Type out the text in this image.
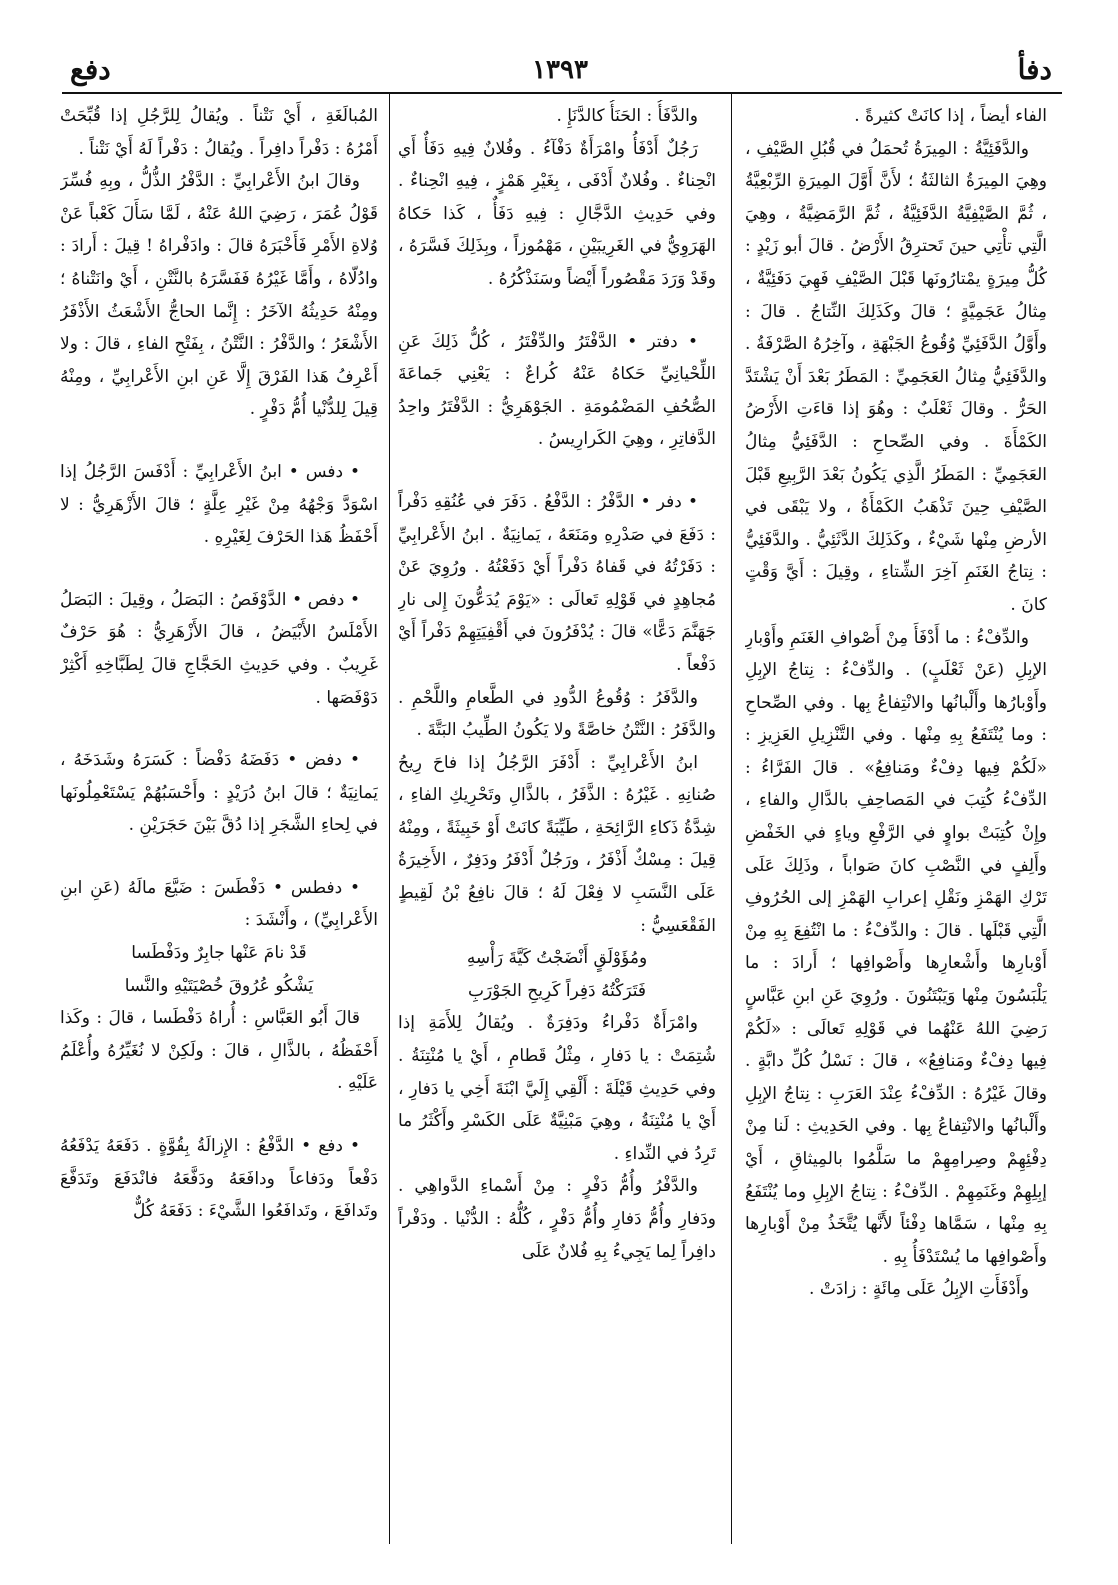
١٣٩٣	دفأ
دفع

الفاء أيضاً ، إذا كانَتْ كثيرةً .

والدَّفَئِيَّةُ : المِيرَةُ تُحمَلُ في قُبُلِ الصَّيْفِ ، وهِيَ المِيرَةُ الثالثَةُ ؛ لأَنَّ أَوَّلَ المِيرَةِ الرِّبْعِيَّةُ ، ثُمَّ الصَّيْفِيَّةُ الدَّفَئِيَّةُ ، ثُمَّ الرَّمَضِيَّةُ ، وهِيَ الَّتِي تأْتِي حينَ تَحترِقُ الأَرْضُ . قالَ أبو زَيْدٍ : كُلُّ مِيرَةٍ يمْتارُونَها قَبْلَ الصَّيْفِ فَهِيَ دَفَئِيَّةٌ ، مِثالُ عَجَمِيَّةٍ ؛ قالَ وكَذَلِكَ النِّتاجُ . قالَ : وأَوَّلُ الدَّفَئِيِّ وُقُوعُ الجَبْهَةِ ، وآخِرُهُ الصَّرْفَةُ . والدَّفَئِيُّ مِثالُ العَجَمِيِّ : المَطَرُ بَعْدَ أَنْ يَشْتَدَّ الحَرُّ . وقالَ ثَعْلَبٌ : وهُوَ إذا قاءَتِ الأَرْضُ الكَمْأَةَ . وفي الصِّحاحِ : الدَّفَئِيُّ مِثالُ العَجَمِيِّ : المَطَرُ الَّذِي يَكُونُ بَعْدَ الرَّبِيعِ قَبْلَ الصَّيْفِ حِينَ تَذْهَبُ الكَمْأَةُ ، ولا يَبْقَى في الأرضِ مِنْها شَيْءٌ ، وكَذَلِكَ الدَّثَئِيُّ . والدَّفَئِيُّ : نِتاجُ الغَنَمِ آخِرَ الشِّتاءِ ، وقِيلَ : أَيَّ وَقْتٍ كانَ .

والدِّفْءُ : ما أَدْفَأَ مِنْ أَصْوافِ الغَنَمِ وأَوْبارِ الإبِلِ (عَنْ ثَعْلَبٍ) . والدِّفْءُ : نِتاجُ الإبِلِ وأَوْبارُها وأَلْبانُها والانْتِفاعُ بِها . وفي الصِّحاحِ : وما يُنْتَفَعُ بِهِ مِنْها . وفي التَّنْزِيلِ العَزِيزِ : «لَكُمْ فِيها دِفْءٌ ومَنافِعُ» . قالَ الفَرَّاءُ : الدِّفْءُ كُتِبَ في المَصاحِفِ بالدَّالِ والفاءِ ، وإِنْ كُتِبَتْ بواوٍ في الرَّفْعِ وياءٍ في الخَفْضِ وأَلِفٍ في النَّصْبِ كانَ صَواباً ، وذَلِكَ عَلَى تَرْكِ الهَمْزِ ونَقْلِ إعرابِ الهَمْزِ إلى الحُرُوفِ الَّتِي قَبْلَها . قالَ : والدِّفْءُ : ما انْتُفِعَ بِهِ مِنْ أَوْبارِها وأَشْعارِها وأَصْوافِها ؛ أَرادَ : ما يَلْبَسُونَ مِنْها وَيَبْتَنُونَ . ورُوِيَ عَنِ ابنِ عَبَّاسٍ رَضِيَ اللهُ عَنْهُما في قَوْلِهِ تَعالَى : «لَكُمْ فِيها دِفْءٌ ومَنافِعُ» ، قالَ : نَسْلُ كُلِّ دابَّةٍ . وقالَ غَيْرُهُ : الدِّفْءُ عِنْدَ العَرَبِ : نِتاجُ الإبِلِ وأَلْبانُها والانْتِفاعُ بِها . وفي الحَدِيثِ : لَنا مِنْ دِفْئِهِمْ وصِرامِهِمْ ما سَلَّمُوا بالمِيثاقِ ، أَيْ إبِلِهِمْ وغَنَمِهِمْ . الدِّفْءُ : نِتاجُ الإبِلِ وما يُنْتَفَعُ بِهِ مِنْها ، سَمَّاها دِفْئاً لأَنَّها يُتَّخَذُ مِنْ أَوْبارِها وأَصْوافِها ما يُسْتَدْفَأُ بِهِ .

وأَدْفَأَتِ الإبِلُ عَلَى مِائَةٍ : زادَتْ .

والدَّفَأُ : الحَنَأُ كالدَّنَإِ .

رَجُلٌ أَدْفَأُ وامْرَأَةٌ دَفْآءُ . وفُلانٌ فِيهِ دَفَأٌ أَي انْحِناءٌ . وفُلانٌ أَدْفَى ، بِغَيْرِ هَمْزٍ ، فِيهِ انْحِناءٌ . وفي حَدِيثِ الدَّجَّالِ : فِيهِ دَفَأٌ ، كَذا حَكاهُ الهَرَوِيُّ في الغَرِيبَيْنِ ، مَهْمُوزاً ، وبِذَلِكَ فَسَّرَهُ ، وقَدْ وَرَدَ مَقْصُوراً أَيْضاً وسَنَذْكُرُهُ .

• دفتر • الدَّفْتَرُ والدِّفْتَرُ ، كُلُّ ذَلِكَ عَنِ اللِّحْيانِيِّ حَكاهُ عَنْهُ كُراعٌ : يَعْنِي جَماعَةَ الصُّحُفِ المَضْمُومَةِ . الجَوْهَرِيُّ : الدَّفْتَرُ واحِدُ الدَّفاتِرِ ، وهِيَ الكَرارِيسُ .

• دفر • الدَّفْرُ : الدَّفْعُ . دَفَرَ في عُنُقِهِ دَفْراً : دَفَعَ في صَدْرِهِ ومَنَعَهُ ، يَمانِيَةٌ . ابنُ الأَعْرابِيِّ : دَفَرْتُهُ في قَفاهُ دَفْراً أَيْ دَفَعْتُهُ . ورُوِيَ عَنْ مُجاهِدٍ في قَوْلِهِ تَعالَى : «يَوْمَ يُدَعُّونَ إِلى نارِ جَهَنَّمَ دَعًّا» قالَ : يُدْفَرُونَ في أَقْفِيَتِهِمْ دَفْراً أَيْ دَفْعاً .

والدَّفَرُ : وُقُوعُ الدُّودِ في الطَّعامِ واللَّحْمِ . والدَّفَرُ : النَّتْنُ خاصَّةً ولا يَكُونُ الطِّيبُ البَتَّةَ .

ابنُ الأَعْرابِيِّ : أَدْفَرَ الرَّجُلُ إذا فاحَ رِيحُ صُنانِهِ . غَيْرُهُ : الذَّفَرُ ، بالذَّالِ وتَحْرِيكِ الفاءِ ، شِدَّةُ ذَكاءِ الرَّائِحَةِ ، طَيِّبَةً كانَتْ أَوْ خَبِيثَةً ، ومِنْهُ قِيلَ : مِسْكٌ أَذْفَرُ ، ورَجُلٌ أَدْفَرُ ودَفِرٌ ، الأَخِيرَةُ عَلَى النَّسَبِ لا فِعْلَ لَهُ ؛ قالَ نافِعُ بْنُ لَقِيطٍ الفَقْعَسِيُّ :

ومُؤَوْلَقٍ أَنْضَجْتُ كَيَّةَ رَأْسِهِ

فَتَرَكْتُهُ دَفِراً كَرِيحِ الجَوْرَبِ

وامْرَأَةٌ دَفْراءُ ودَفِرَةٌ . ويُقالُ لِلأَمَةِ إذا شُتِمَتْ : يا دَفارِ ، مِثْلُ قَطامِ ، أَيْ يا مُنْتِنَةُ . وفي حَدِيثِ قَيْلَةَ : أَلْقِي إِلَيَّ ابْنَةَ أَخِي يا دَفارِ ، أَيْ يا مُنْتِنَةُ ، وهِيَ مَبْنِيَّةٌ عَلَى الكَسْرِ وأَكْثَرُ ما تَرِدُ في النِّداءِ .

والدَّفْرُ وأُمُّ دَفْرٍ : مِنْ أَسْماءِ الدَّواهِي . ودَفارِ وأُمُّ دَفارِ وأُمُّ دَفْرٍ ، كُلُّهُ : الدُّنْيا . ودَفْراً دافِراً لِما يَجِيءُ بِهِ فُلانٌ عَلَى

المُبالَغَةِ ، أَيْ نَتْناً . ويُقالُ لِلرَّجُلِ إذا قُبِّحَتْ أَمْرُهُ : دَفْراً دافِراً . ويُقالُ : دَفْراً لَهُ أَيْ نَتْناً .

وقالَ ابنُ الأَعْرابِيِّ : الدَّفْرُ الذُّلُّ ، وبِهِ فُسِّرَ قَوْلُ عُمَرَ ، رَضِيَ اللهُ عَنْهُ ، لَمَّا سَأَلَ كَعْباً عَنْ وُلاةِ الأَمْرِ فَأَخْبَرَهُ قالَ : وادَفْراهُ ! قِيلَ : أَرادَ : وادُلّاهُ ، وأَمَّا غَيْرُهُ فَفَسَّرَهُ بالنَّتْنِ ، أَيْ وانَتْناهُ ؛ ومِنْهُ حَدِيثُهُ الآخَرُ : إِنَّما الحاجُّ الأَشْعَثُ الأَذْفَرُ الأَشْعَرُ ؛ والدَّفْرُ : النَّتْنُ ، بِفَتْحِ الفاءِ ، قالَ : ولا أَعْرِفُ هَذا الفَرْقَ إِلَّا عَنِ ابنِ الأَعْرابِيِّ ، ومِنْهُ قِيلَ لِلدُّنْيا أُمُّ دَفْرٍ .

• دفس • ابنُ الأَعْرابِيِّ : أَدْفَسَ الرَّجُلُ إذا اسْوَدَّ وَجْهُهُ مِنْ غَيْرِ عِلَّةٍ ؛ قالَ الأَزْهَرِيُّ : لا أَحْفَظُ هَذا الحَرْفَ لِغَيْرِهِ .

• دفص • الدَّوْفَصُ : البَصَلُ ، وقِيلَ : البَصَلُ الأَمْلَسُ الأَبْيَضُ ، قالَ الأَزْهَرِيُّ : هُوَ حَرْفٌ غَرِيبٌ . وفي حَدِيثِ الحَجَّاجِ قالَ لِطَبَّاخِهِ أَكْثِرْ دَوْفَصَها .

• دفض • دَفَضَهُ دَفْضاً : كَسَرَهُ وشَدَخَهُ ، يَمانِيَةٌ ؛ قالَ ابنُ دُرَيْدٍ : وأَحْسَبُهُمْ يَسْتَعْمِلُونَها في لِحاءِ الشَّجَرِ إذا دُقَّ بَيْنَ حَجَرَيْنِ .

• دفطس • دَفْطَسَ : ضَيَّعَ مالَهُ (عَنِ ابنِ الأَعْرابِيِّ) ، وأَنْشَدَ :

قَدْ نامَ عَنْها جابِرٌ ودَفْطَسا

يَشْكُو عُرُوقَ خُصْيَتَيْهِ والنَّسا

قالَ أَبُو العَبَّاسِ : أُراهُ دَفْطَسا ، قالَ : وكَذا أَحْفَظُهُ ، بالذَّالِ ، قالَ : ولَكِنْ لا نُغَيِّرُهُ وأُعْلَمُ عَلَيْهِ .

• دفع • الدَّفْعُ : الإِزالَةُ بِقُوَّةٍ . دَفَعَهُ يَدْفَعُهُ دَفْعاً ودَفاعاً ودافَعَهُ ودَفَّعَهُ فانْدَفَعَ وتَدَفَّعَ وتَدافَعَ ، وتَدافَعُوا الشَّيْءَ : دَفَعَهُ كُلٌّ
